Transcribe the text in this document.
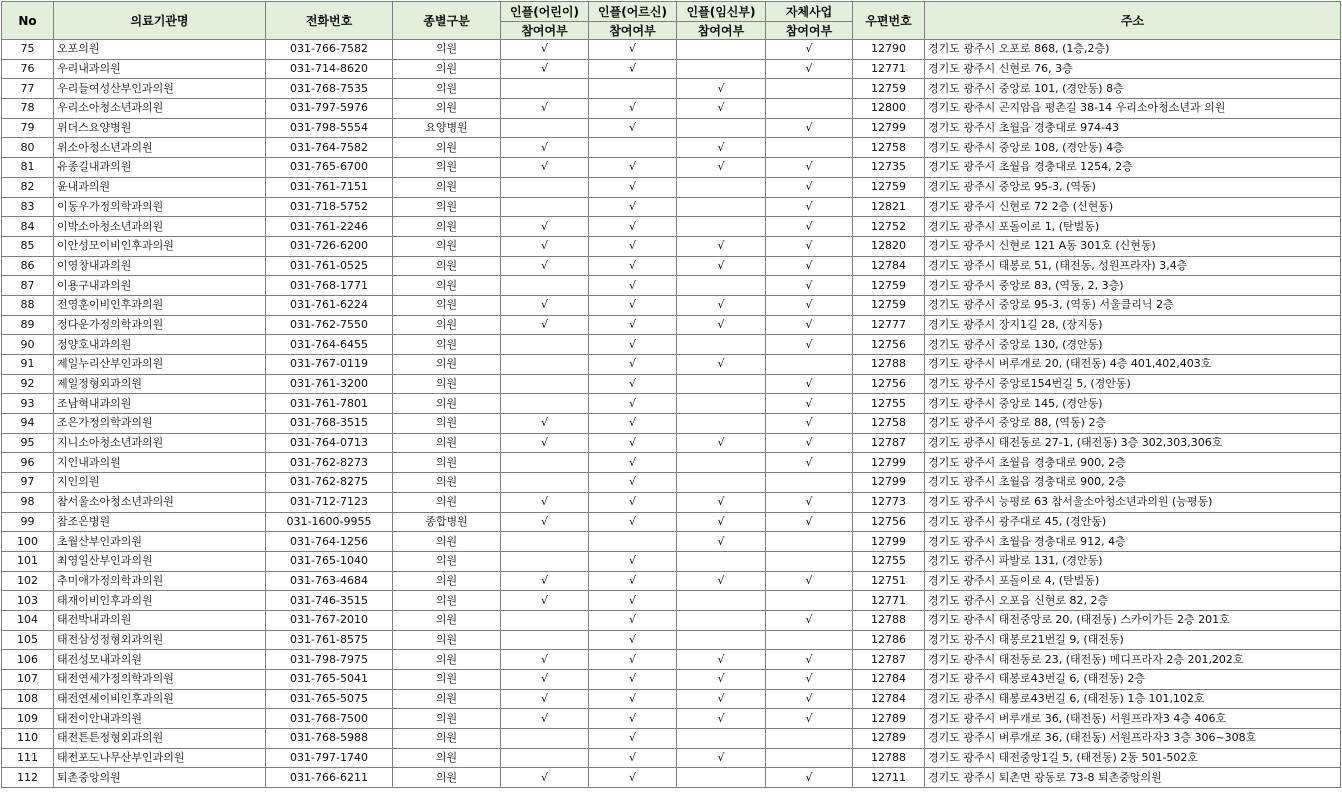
No	의료기관명	전화번호	종별구분	인플(어린이)	인플(어르신)	인플(임신부)	자체사업	우편번호	주소
				참여여부	참여여부	참여여부	참여여부		
75	오포의원	031-766-7582	의원	√	√		√	12790	경기도 광주시 오포로 868, (1층,2층)
76	우리내과의원	031-714-8620	의원	√	√		√	12771	경기도 광주시 신현로 76, 3층
77	우리들여성산부인과의원	031-768-7535	의원			√		12759	경기도 광주시 중앙로 101, (경안동) 8층
78	우리소아청소년과의원	031-797-5976	의원	√	√	√		12800	경기도 광주시 곤지암읍 평촌길 38-14 우리소아청소년과 의원
79	위더스요양병원	031-798-5554	요양병원		√		√	12799	경기도 광주시 초월읍 경충대로 974-43
80	위소아청소년과의원	031-764-7582	의원	√		√		12758	경기도 광주시 중앙로 108, (경안동) 4층
81	유종길내과의원	031-765-6700	의원	√	√	√	√	12735	경기도 광주시 초월읍 경충대로 1254, 2층
82	윤내과의원	031-761-7151	의원		√		√	12759	경기도 광주시 중앙로 95-3, (역동)
83	이동우가정의학과의원	031-718-5752	의원		√		√	12821	경기도 광주시 신현로 72 2층 (신현동)
84	이박소아청소년과의원	031-761-2246	의원	√	√		√	12752	경기도 광주시 포돌이로 1, (탄벌동)
85	이안성모이비인후과의원	031-726-6200	의원	√	√	√	√	12820	경기도 광주시 신현로 121 A동 301호 (신현동)
86	이영창내과의원	031-761-0525	의원	√	√	√	√	12784	경기도 광주시 태봉로 51, (태전동, 성원프라자) 3,4층
87	이용구내과의원	031-768-1771	의원		√		√	12759	경기도 광주시 중앙로 83, (역동, 2, 3층)
88	전영훈이비인후과의원	031-761-6224	의원	√	√	√	√	12759	경기도 광주시 중앙로 95-3, (역동) 서울클리닉 2층
89	정다운가정의학과의원	031-762-7550	의원	√	√	√	√	12777	경기도 광주시 장지1길 28, (장지동)
90	정양호내과의원	031-764-6455	의원		√		√	12756	경기도 광주시 중앙로 130, (경안동)
91	제일누리산부인과의원	031-767-0119	의원		√	√		12788	경기도 광주시 벼루개로 20, (태전동) 4층 401,402,403호
92	제일정형외과의원	031-761-3200	의원		√		√	12756	경기도 광주시 중앙로154번길 5, (경안동)
93	조남혁내과의원	031-761-7801	의원		√		√	12755	경기도 광주시 중앙로 145, (경안동)
94	조은가정의학과의원	031-768-3515	의원	√	√		√	12758	경기도 광주시 중앙로 88, (역동) 2층
95	지니소아청소년과의원	031-764-0713	의원	√	√	√	√	12787	경기도 광주시 태전동로 27-1, (태전동) 3층 302,303,306호
96	지인내과의원	031-762-8273	의원		√		√	12799	경기도 광주시 초월읍 경충대로 900, 2층
97	지인의원	031-762-8275	의원		√			12799	경기도 광주시 초월읍 경충대로 900, 2층
98	참서울소아청소년과의원	031-712-7123	의원	√	√	√	√	12773	경기도 광주시 능평로 63 참서울소아청소년과의원 (능평동)
99	참조은병원	031-1600-9955	종합병원	√	√	√	√	12756	경기도 광주시 광주대로 45, (경안동)
100	초월산부인과의원	031-764-1256	의원			√		12799	경기도 광주시 초월읍 경충대로 912, 4층
101	최영일산부인과의원	031-765-1040	의원		√			12755	경기도 광주시 파발로 131, (경안동)
102	추미애가정의학과의원	031-763-4684	의원	√	√	√	√	12751	경기도 광주시 포돌이로 4, (탄벌동)
103	태재이비인후과의원	031-746-3515	의원	√	√			12771	경기도 광주시 오포읍 신현로 82, 2층
104	태전박내과의원	031-767-2010	의원		√		√	12788	경기도 광주시 태전중앙로 20, (태전동) 스카이가든 2층 201호
105	태전삼성정형외과의원	031-761-8575	의원		√			12786	경기도 광주시 태봉로21번길 9, (태전동)
106	태전성모내과의원	031-798-7975	의원	√	√	√	√	12787	경기도 광주시 태전동로 23, (태전동) 메디프라자 2층 201,202호
107	태전연세가정의학과의원	031-765-5041	의원	√	√	√	√	12784	경기도 광주시 태봉로43번길 6, (태전동) 2층
108	태전연세이비인후과의원	031-765-5075	의원	√	√	√	√	12784	경기도 광주시 태봉로43번길 6, (태전동) 1층 101,102호
109	태전이안내과의원	031-768-7500	의원	√	√	√	√	12789	경기도 광주시 벼루개로 36, (태전동) 서원프라자3 4층 406호
110	태전튼튼정형외과의원	031-768-5988	의원		√			12789	경기도 광주시 벼루개로 36, (태전동) 서원프라자3 3층 306~308호
111	태전포도나무산부인과의원	031-797-1740	의원		√	√		12788	경기도 광주시 태전중앙1길 5, (태전동) 2동 501-502호
112	퇴촌중앙의원	031-766-6211	의원	√	√		√	12711	경기도 광주시 퇴촌면 광동로 73-8 퇴촌중앙의원
